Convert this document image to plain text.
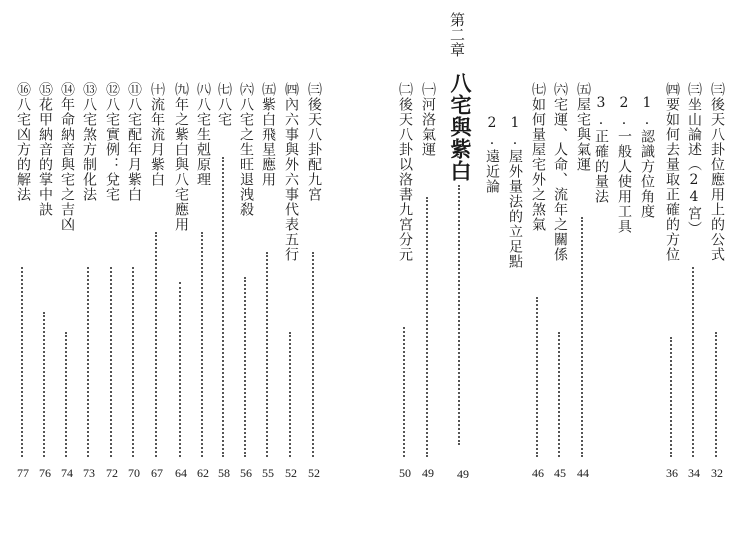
㈢後天八卦位應用上的公式
32
㈢坐山論述（24宮）
34
㈣要如何去量取正確的方位
36
1.認識方位角度
2.一般人使用工具
3.正確的量法
㈤屋宅與氣運
44
㈥宅運、人命、流年之關係
45
㈦如何量屋宅外之煞氣
46
1.屋外量法的立足點
2.遠近論
第二章
八宅與紫白
49
㈠河洛氣運
49
㈡後天八卦以洛書九宮分元
50
㈢後天八卦配九宮
52
㈣內六事與外六事代表五行
52
㈤紫白飛星應用
55
㈥八宅之生旺退洩殺
56
㈦八宅
58
㈧八宅生剋原理
62
㈨年之紫白與八宅應用
64
㈩流年流月紫白
67
⑪八宅配年月紫白
70
⑫八宅實例：兌宅
72
⑬八宅煞方制化法
73
⑭年命納音與宅之吉凶
74
⑮花甲納音的掌中訣
76
⑯八宅凶方的解法
77
